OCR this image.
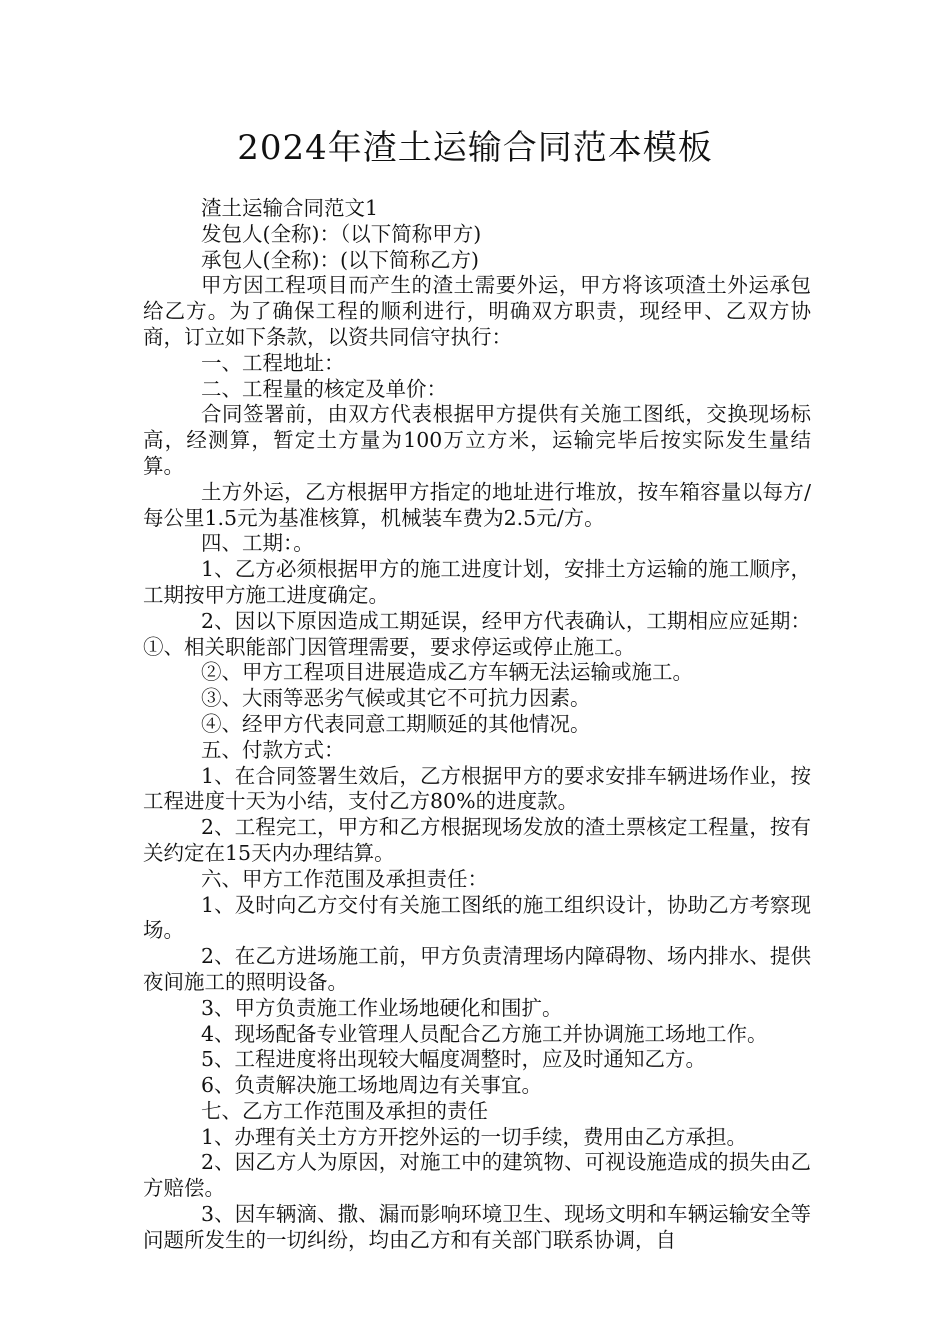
2024年渣土运输合同范本模板

渣土运输合同范文1

发包人(全称)：（以下简称甲方)

承包人(全称)：(以下简称乙方)

甲方因工程项目而产生的渣土需要外运，甲方将该项渣土外运承包给乙方。为了确保工程的顺利进行，明确双方职责，现经甲、乙双方协商，订立如下条款，以资共同信守执行：

一、工程地址：

二、工程量的核定及单价：

合同签署前，由双方代表根据甲方提供有关施工图纸，交换现场标高，经测算，暂定土方量为100万立方米，运输完毕后按实际发生量结算。

土方外运，乙方根据甲方指定的地址进行堆放，按车箱容量以每方/每公里1.5元为基准核算，机械装车费为2.5元/方。

四、工期：。

1、乙方必须根据甲方的施工进度计划，安排土方运输的施工顺序，工期按甲方施工进度确定。

2、因以下原因造成工期延误，经甲方代表确认，工期相应应延期：①、相关职能部门因管理需要，要求停运或停止施工。

②、甲方工程项目进展造成乙方车辆无法运输或施工。

③、大雨等恶劣气候或其它不可抗力因素。

④、经甲方代表同意工期顺延的其他情况。

五、付款方式：

1、在合同签署生效后，乙方根据甲方的要求安排车辆进场作业，按工程进度十天为小结，支付乙方80%的进度款。

2、工程完工，甲方和乙方根据现场发放的渣土票核定工程量，按有关约定在15天内办理结算。

六、甲方工作范围及承担责任：

1、及时向乙方交付有关施工图纸的施工组织设计，协助乙方考察现场。

2、在乙方进场施工前，甲方负责清理场内障碍物、场内排水、提供夜间施工的照明设备。

3、甲方负责施工作业场地硬化和围扩。

4、现场配备专业管理人员配合乙方施工并协调施工场地工作。

5、工程进度将出现较大幅度凋整时，应及时通知乙方。

6、负责解决施工场地周边有关事宜。

七、乙方工作范围及承担的责任

1、办理有关土方方开挖外运的一切手续，费用由乙方承担。

2、因乙方人为原因，对施工中的建筑物、可视设施造成的损失由乙方赔偿。

3、因车辆滴、撒、漏而影响环境卫生、现场文明和车辆运输安全等问题所发生的一切纠纷，均由乙方和有关部门联系协调，自
